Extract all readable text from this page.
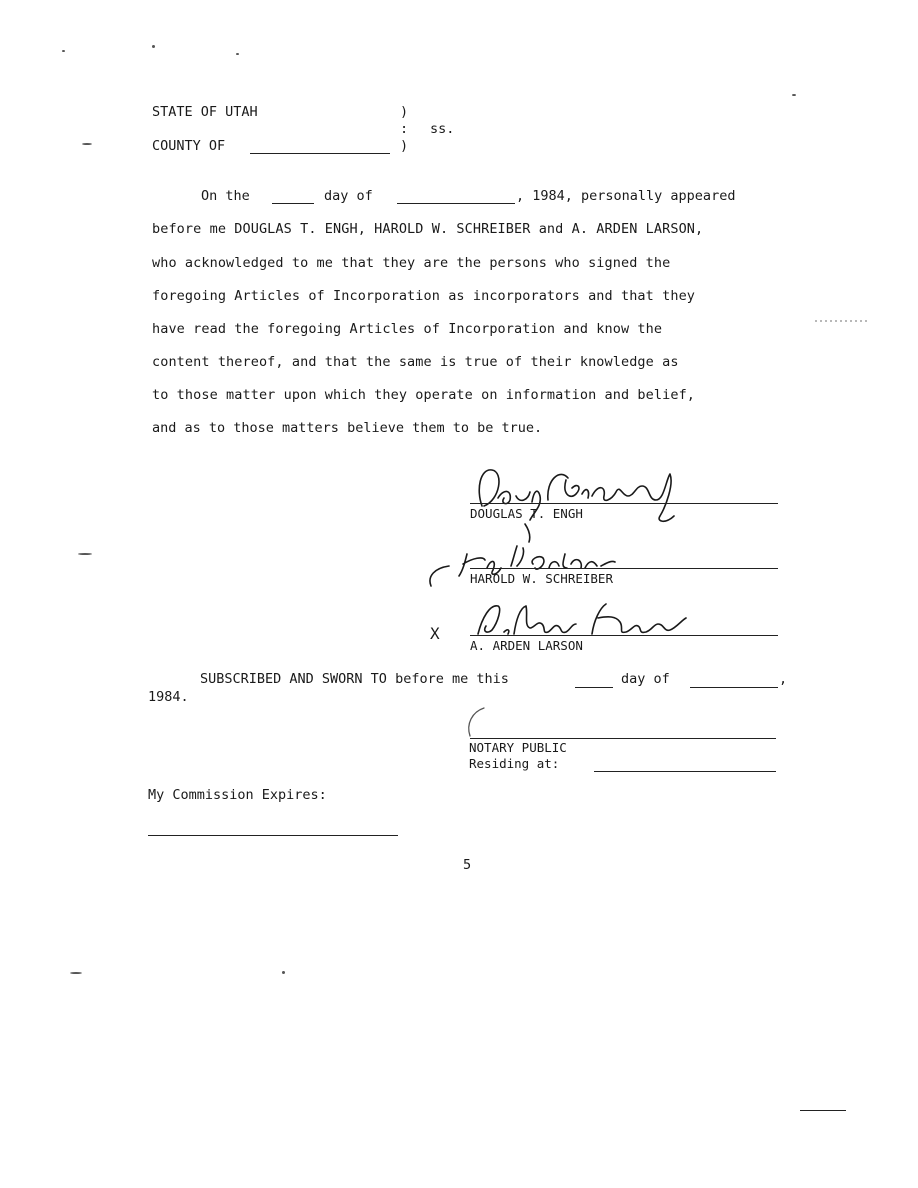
STATE OF UTAH	)
: ss.
COUNTY OF	)
On the	day of	, 1984, personally appeared
before me DOUGLAS T. ENGH, HAROLD W. SCHREIBER and A. ARDEN LARSON,
who acknowledged to me that they are the persons who signed the
foregoing Articles of Incorporation as incorporators and that they
have read the foregoing Articles of Incorporation and know the
content thereof, and that the same is true of their knowledge as
to those matter upon which they operate on information and belief,
and as to those matters believe them to be true.
DOUGLAS T. ENGH
HAROLD W. SCHREIBER
X
A. ARDEN LARSON
SUBSCRIBED AND SWORN TO before me this	day of	,
1984.
NOTARY PUBLIC
Residing at:
My Commission Expires:
5
